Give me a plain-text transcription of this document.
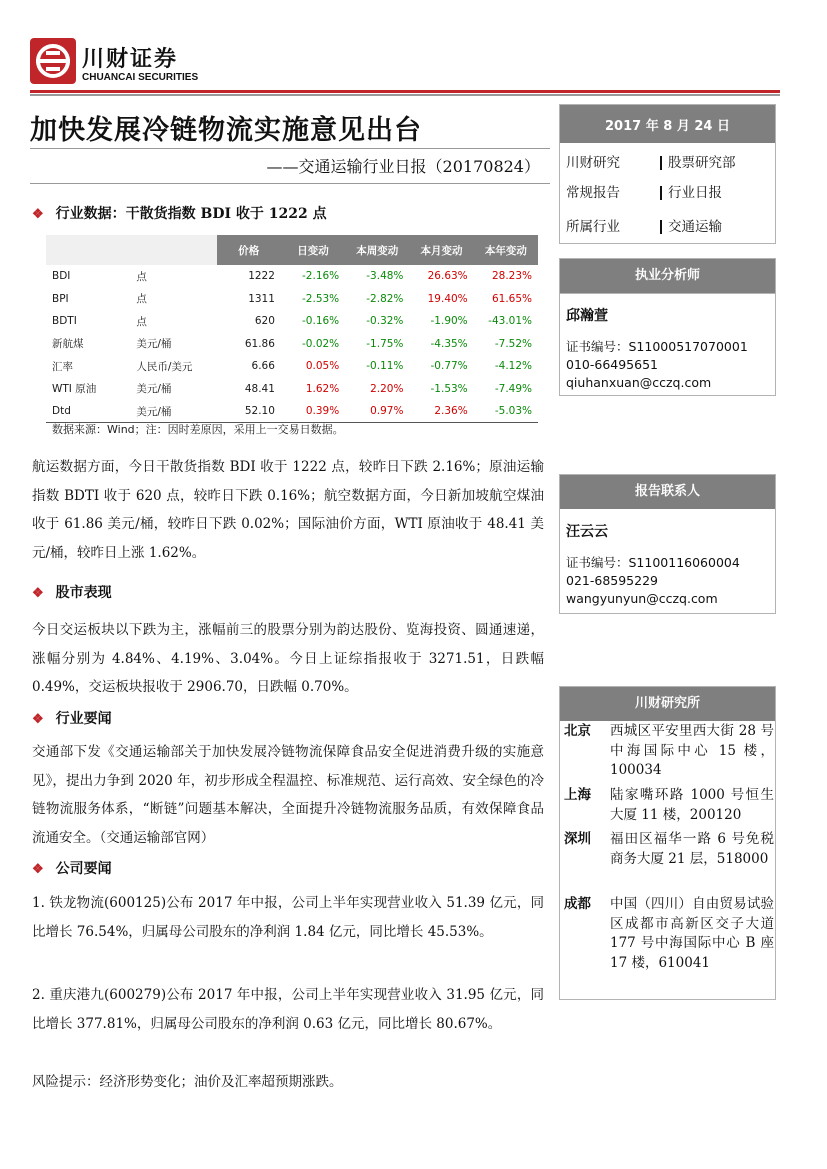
川财证券
CHUANCAI SECURITIES
加快发展冷链物流实施意见出台
——交通运输行业日报（20170824）
❖ 行业数据：干散货指数 BDI 收于 1222 点
		价格	日变动	本周变动	本月变动	本年变动
BDI	点	1222	-2.16%	-3.48%	26.63%	28.23%
BPI	点	1311	-2.53%	-2.82%	19.40%	61.65%
BDTI	点	620	-0.16%	-0.32%	-1.90%	-43.01%
新航煤	美元/桶	61.86	-0.02%	-1.75%	-4.35%	-7.52%
汇率	人民币/美元	6.66	0.05%	-0.11%	-0.77%	-4.12%
WTI 原油	美元/桶	48.41	1.62%	2.20%	-1.53%	-7.49%
Dtd	美元/桶	52.10	0.39%	0.97%	2.36%	-5.03%
数据来源：Wind；注：因时差原因，采用上一交易日数据。
航运数据方面，今日干散货指数 BDI 收于 1222 点，较昨日下跌 2.16%；原油运输指数 BDTI 收于 620 点，较昨日下跌 0.16%；航空数据方面，今日新加坡航空煤油收于 61.86 美元/桶，较昨日下跌 0.02%；国际油价方面，WTI 原油收于 48.41 美元/桶，较昨日上涨 1.62%。
❖ 股市表现
今日交运板块以下跌为主，涨幅前三的股票分别为韵达股份、览海投资、圆通速递，涨幅分别为 4.84%、4.19%、3.04%。今日上证综指报收于 3271.51，日跌幅 0.49%，交运板块报收于 2906.70，日跌幅 0.70%。
❖ 行业要闻
交通部下发《交通运输部关于加快发展冷链物流保障食品安全促进消费升级的实施意见》，提出力争到 2020 年，初步形成全程温控、标准规范、运行高效、安全绿色的冷链物流服务体系，“断链”问题基本解决，全面提升冷链物流服务品质，有效保障食品流通安全。（交通运输部官网）
❖ 公司要闻
1. 铁龙物流(600125)公布 2017 年中报，公司上半年实现营业收入 51.39 亿元，同比增长 76.54%，归属母公司股东的净利润 1.84 亿元，同比增长 45.53%。
2. 重庆港九(600279)公布 2017 年中报，公司上半年实现营业收入 31.95 亿元，同比增长 377.81%，归属母公司股东的净利润 0.63 亿元，同比增长 80.67%。
风险提示：经济形势变化；油价及汇率超预期涨跌。
2017 年 8 月 24 日
川财研究	股票研究部
常规报告	行业日报
所属行业	交通运输
执业分析师
邱瀚萱
证书编号：S1100051707000​1
010-66495651
qiuhanxuan@cczq.com
报告联系人
汪云云
证书编号：S1100116060004
021-68595229
wangyunyun@cczq.com
川财研究所
北京	西城区平安里西大街 28 号中海国际中心 15 楼，100034
上海	陆家嘴环路 1000 号恒生大厦 11 楼，200120
深圳	福田区福华一路 6 号免税商务大厦 21 层，518000
成都	中国（四川）自由贸易试验区成都市高新区交子大道 177 号中海国际中心 B 座 17 楼，610041
